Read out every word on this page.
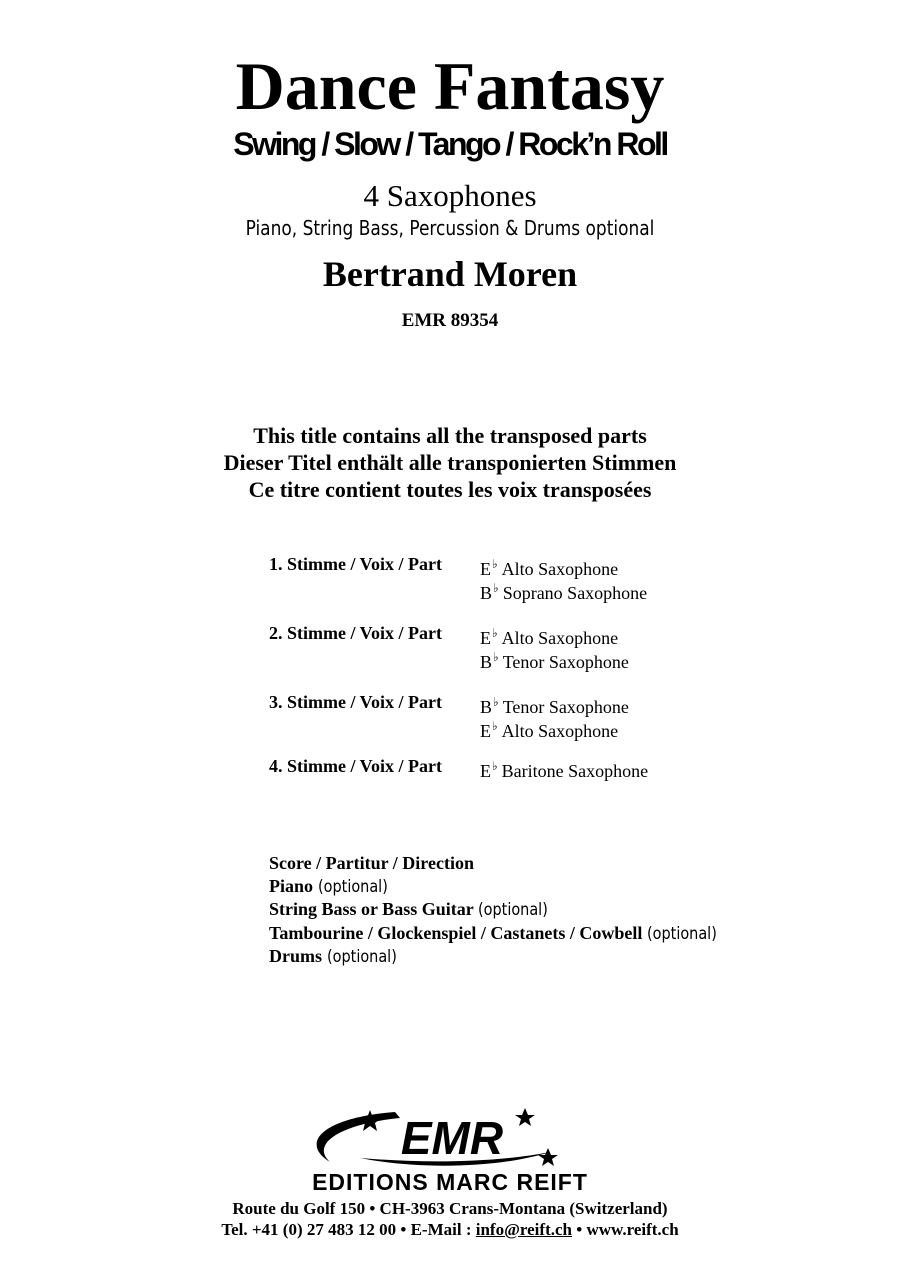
Dance Fantasy
Swing / Slow / Tango / Rock’n Roll
4 Saxophones
Piano, String Bass, Percussion & Drums optional
Bertrand Moren
EMR 89354
This title contains all the transposed parts
Dieser Titel enthält alle transponierten Stimmen
Ce titre contient toutes les voix transposées
1. Stimme / Voix / Part E♭ Alto Saxophone
B♭ Soprano Saxophone
2. Stimme / Voix / Part E♭ Alto Saxophone
B♭ Tenor Saxophone
3. Stimme / Voix / Part B♭ Tenor Saxophone
E♭ Alto Saxophone
4. Stimme / Voix / Part E♭ Baritone Saxophone
Score / Partitur / Direction
Piano (optional)
String Bass or Bass Guitar (optional)
Tambourine / Glockenspiel / Castanets / Cowbell (optional)
Drums (optional)
EMR
EDITIONS MARC REIFT
Route du Golf 150 • CH-3963 Crans-Montana (Switzerland)
Tel. +41 (0) 27 483 12 00 • E-Mail : info@reift.ch • www.reift.ch
